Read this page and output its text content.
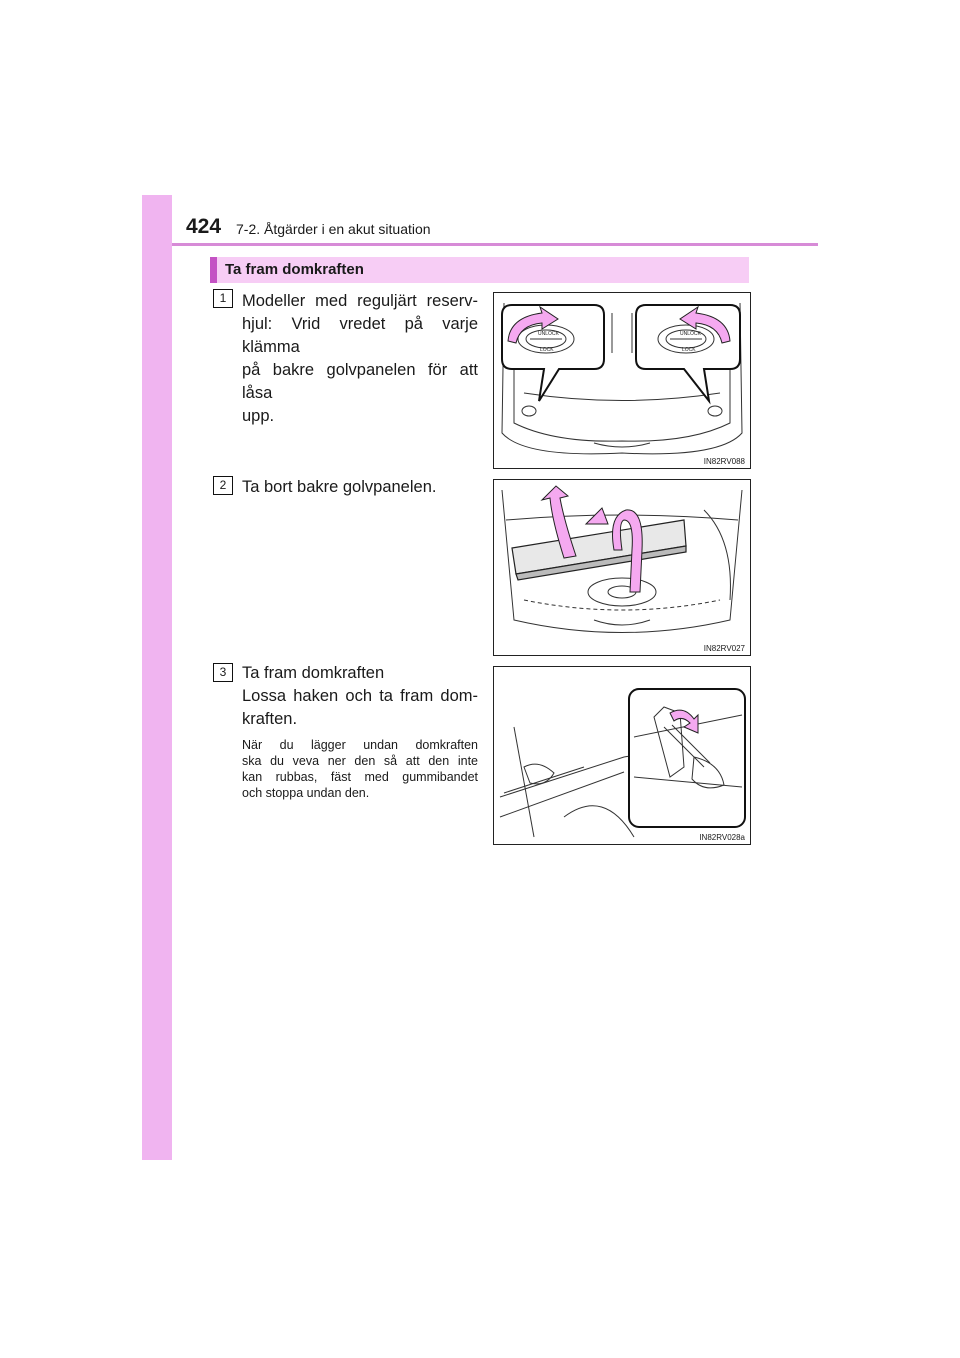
424 7-2. Åtgärder i en akut situation
Ta fram domkraften
1 Modeller med reguljärt reserv-
hjul: Vrid vredet på varje klämma
på bakre golvpanelen för att låsa
upp.
UNLOCK
LOCK
UNLOCK
LOCK
IN82RV088
2 Ta bort bakre golvpanelen.
IN82RV027
3 Ta fram domkraften
Lossa haken och ta fram dom-
kraften.
När du lägger undan domkraften
ska du veva ner den så att den inte
kan rubbas, fäst med gummibandet
och stoppa undan den.
IN82RV028a
